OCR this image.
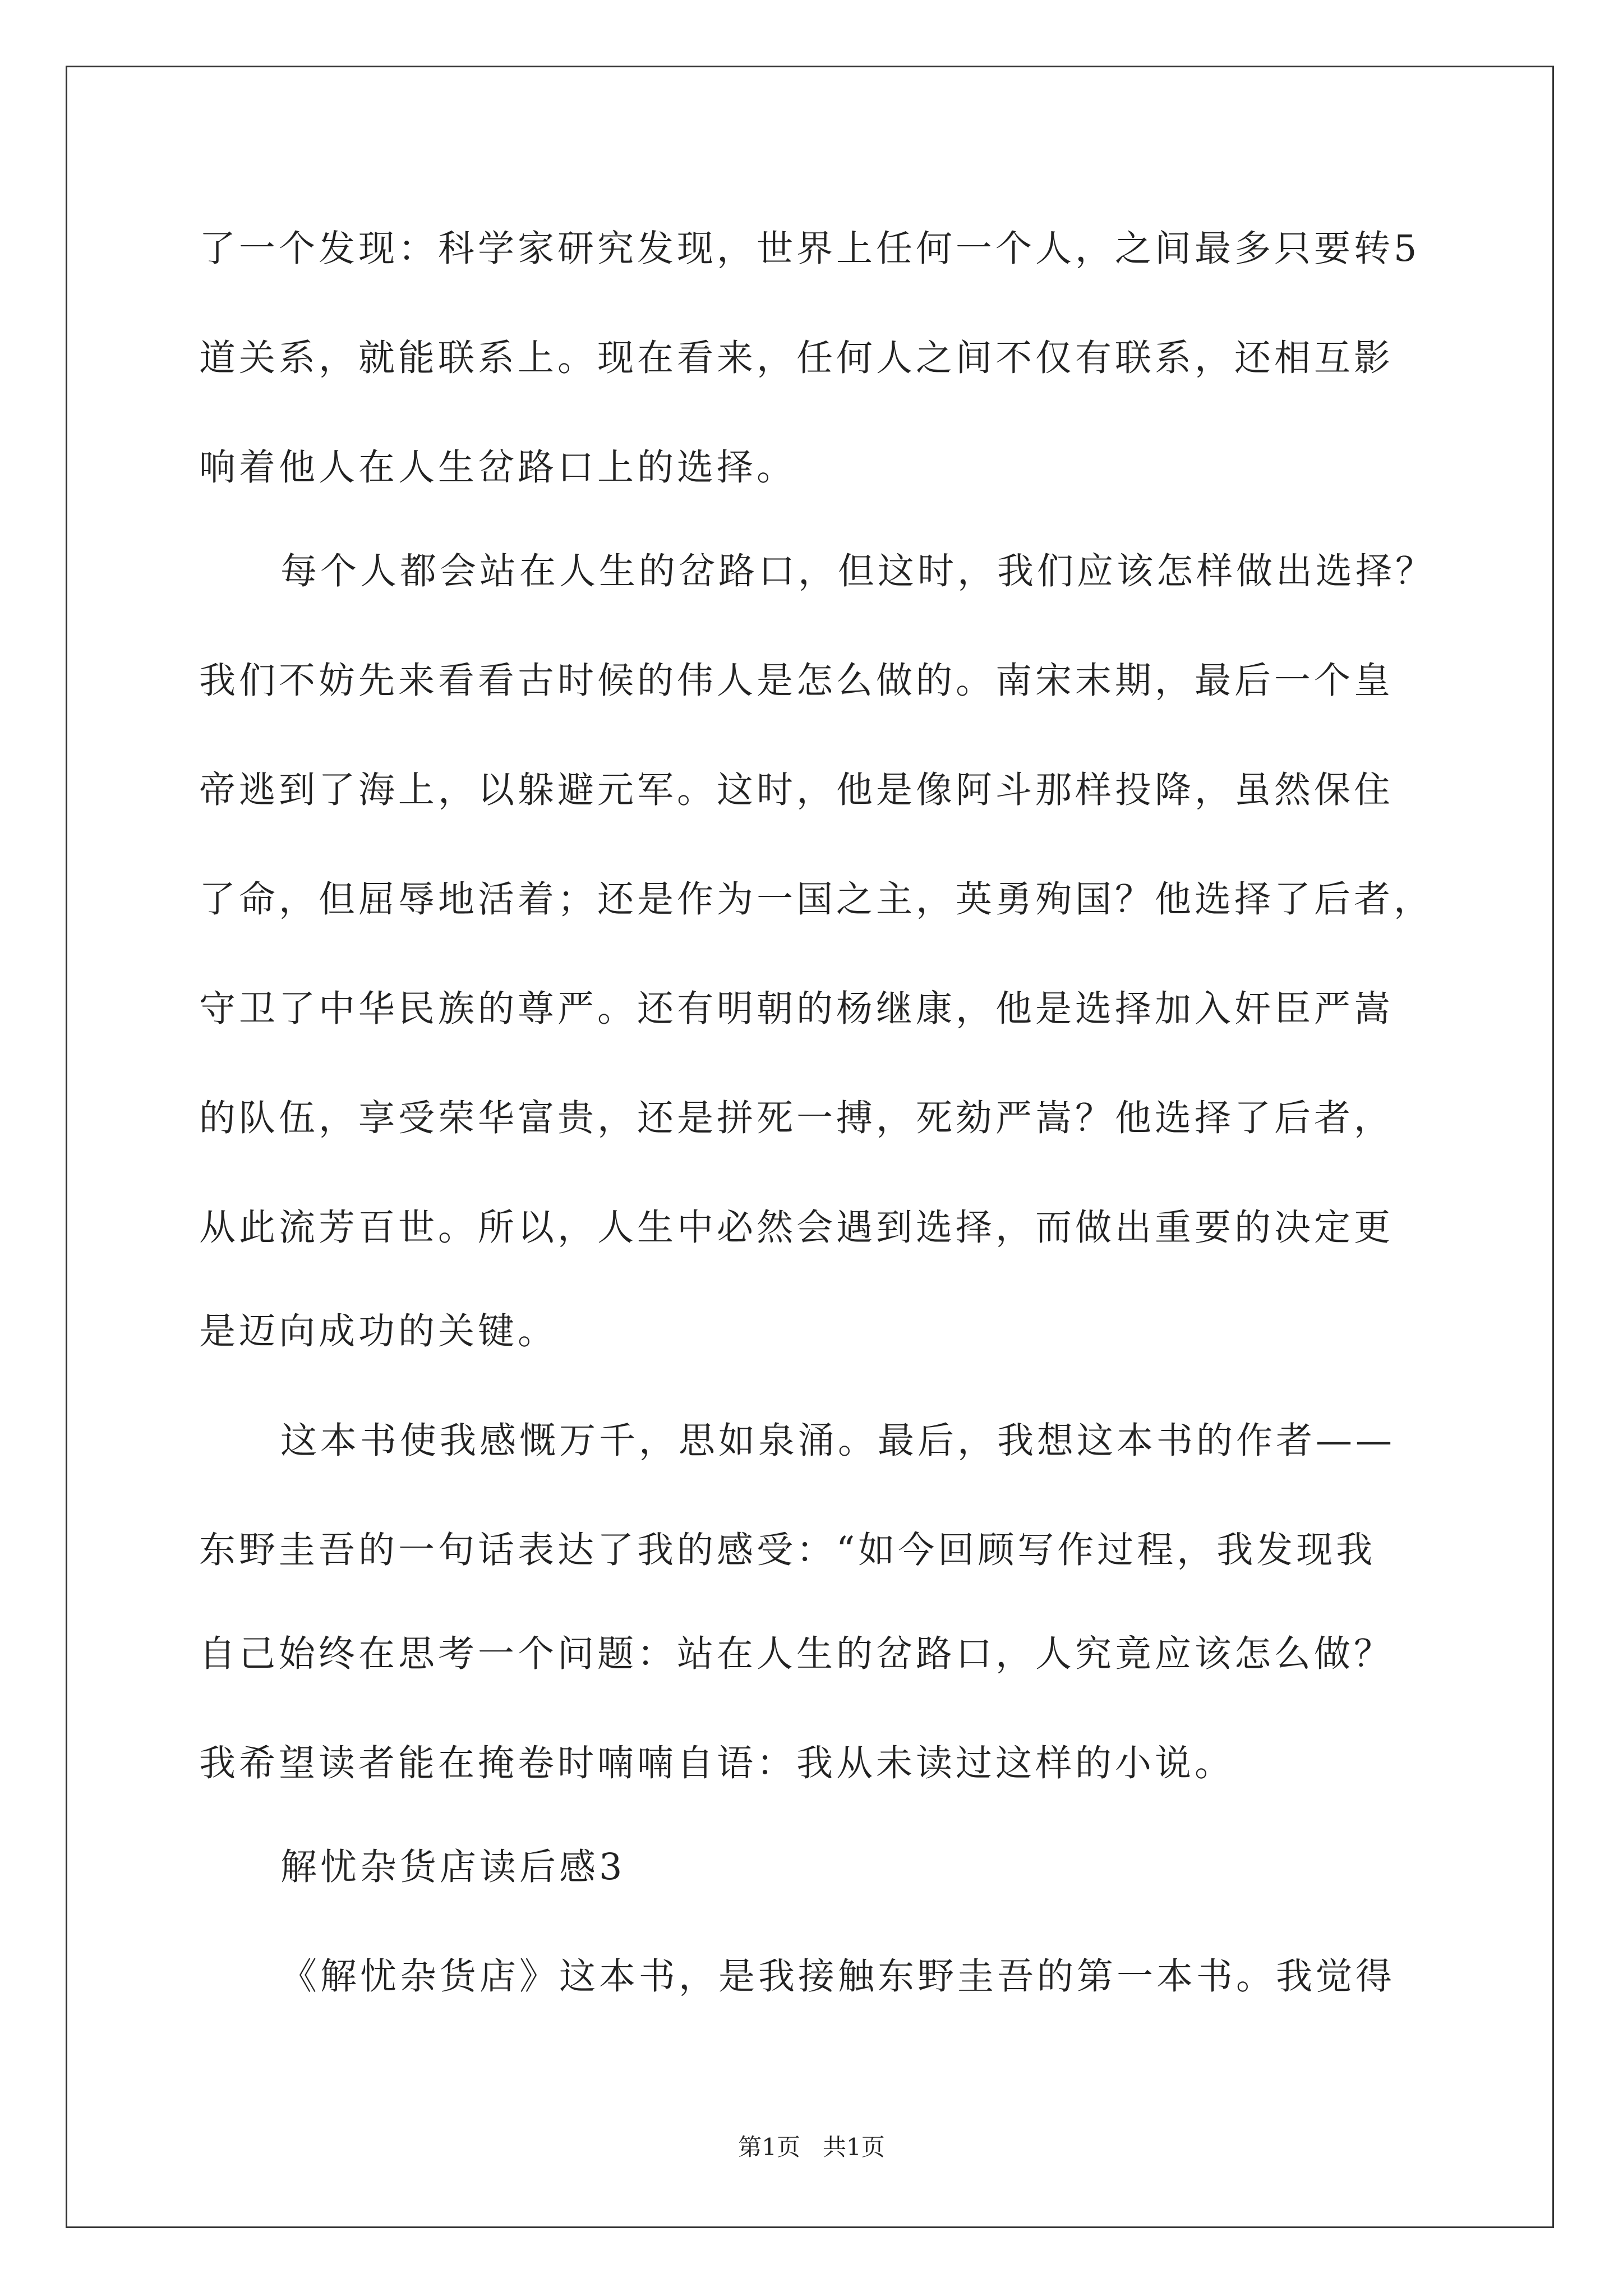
了一个发现：科学家研究发现，世界上任何一个人，之间最多只要转5
道关系，就能联系上。现在看来，任何人之间不仅有联系，还相互影
响着他人在人生岔路口上的选择。
每个人都会站在人生的岔路口，但这时，我们应该怎样做出选择？
我们不妨先来看看古时候的伟人是怎么做的。南宋末期，最后一个皇
帝逃到了海上，以躲避元军。这时，他是像阿斗那样投降，虽然保住
了命，但屈辱地活着；还是作为一国之主，英勇殉国？他选择了后者，
守卫了中华民族的尊严。还有明朝的杨继康，他是选择加入奸臣严嵩
的队伍，享受荣华富贵，还是拼死一搏，死劾严嵩？他选择了后者，
从此流芳百世。所以，人生中必然会遇到选择，而做出重要的决定更
是迈向成功的关键。
这本书使我感慨万千，思如泉涌。最后，我想这本书的作者——
东野圭吾的一句话表达了我的感受：“如今回顾写作过程，我发现我
自己始终在思考一个问题：站在人生的岔路口，人究竟应该怎么做？
我希望读者能在掩卷时喃喃自语：我从未读过这样的小说。
解忧杂货店读后感3
《解忧杂货店》这本书，是我接触东野圭吾的第一本书。我觉得
第1页   共1页
